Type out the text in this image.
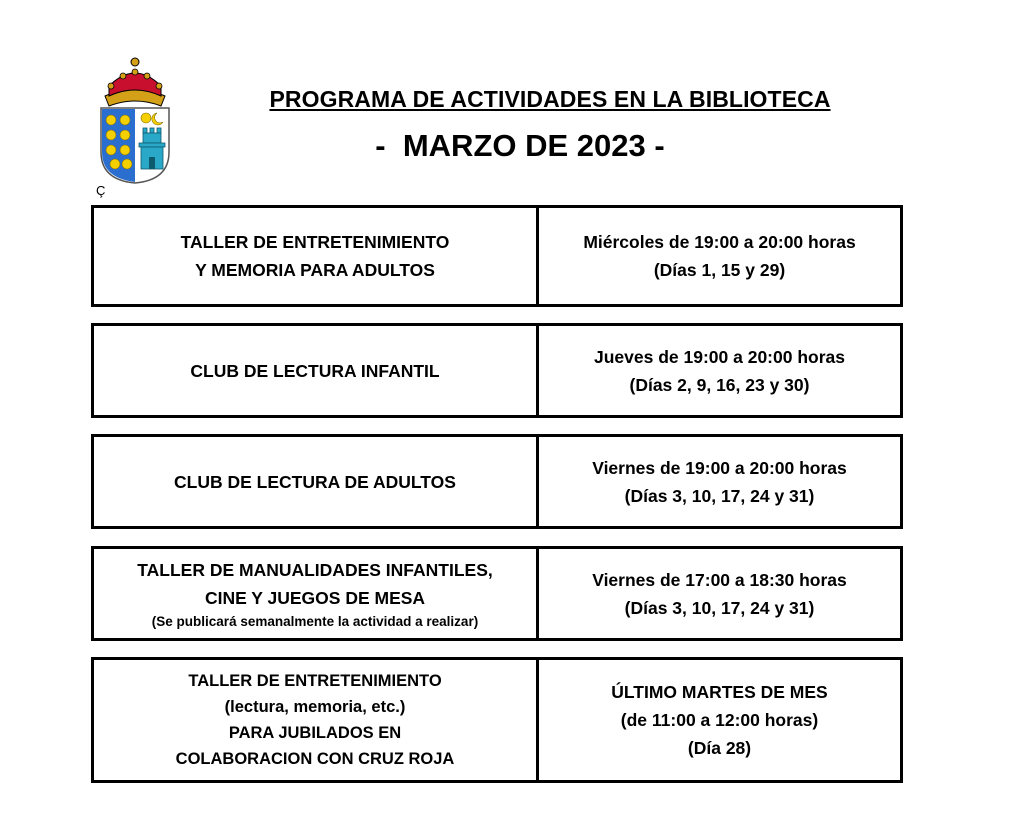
Ç
PROGRAMA DE ACTIVIDADES EN LA BIBLIOTECA
-  MARZO DE 2023 -
TALLER DE ENTRETENIMIENTO
Y MEMORIA PARA ADULTOS
Miércoles de 19:00 a 20:00 horas
(Días 1, 15 y 29)
CLUB DE LECTURA INFANTIL
Jueves de 19:00 a 20:00 horas
(Días 2, 9, 16, 23 y 30)
CLUB DE LECTURA DE ADULTOS
Viernes de 19:00 a 20:00 horas
(Días 3, 10, 17, 24 y 31)
TALLER DE MANUALIDADES INFANTILES,
CINE Y JUEGOS DE MESA
(Se publicará semanalmente la actividad a realizar)
Viernes de 17:00 a 18:30 horas
(Días 3, 10, 17, 24 y 31)
TALLER DE ENTRETENIMIENTO
(lectura, memoria, etc.)
PARA JUBILADOS EN
COLABORACION CON CRUZ ROJA
ÚLTIMO MARTES DE MES
(de 11:00 a 12:00 horas)
(Día 28)
